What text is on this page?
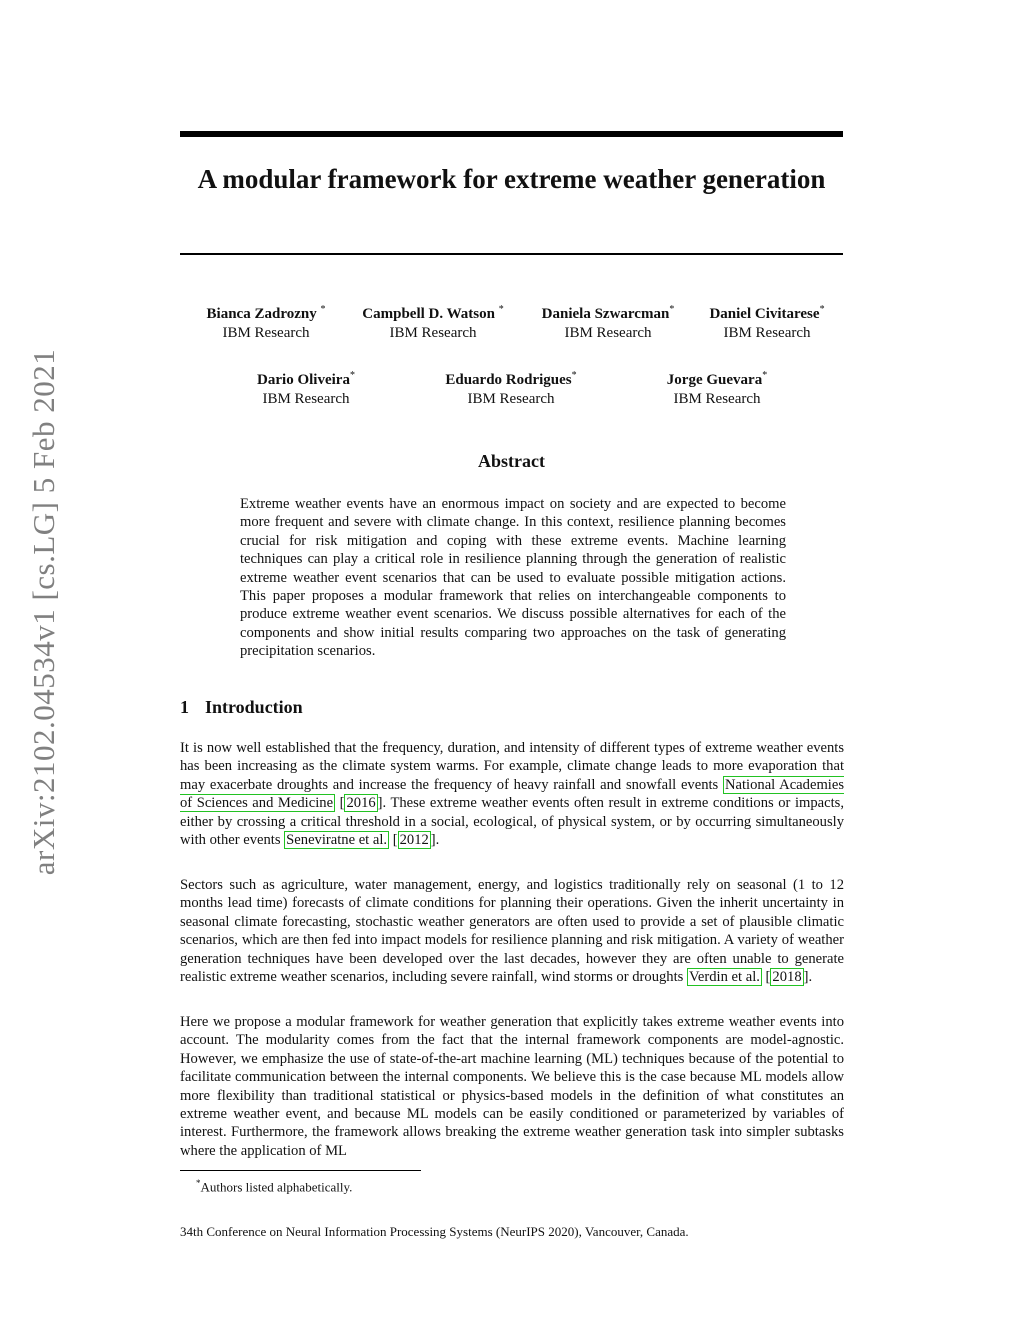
arXiv:2102.04534v1 [cs.LG] 5 Feb 2021
A modular framework for extreme weather generation
Bianca Zadrozny *
IBM Research
Campbell D. Watson *
IBM Research
Daniela Szwarcman*
IBM Research
Daniel Civitarese*
IBM Research
Dario Oliveira*
IBM Research
Eduardo Rodrigues*
IBM Research
Jorge Guevara*
IBM Research
Abstract

Extreme weather events have an enormous impact on society and are expected to become more frequent and severe with climate change. In this context, resilience planning becomes crucial for risk mitigation and coping with these extreme events. Machine learning techniques can play a critical role in resilience planning through the generation of realistic extreme weather event scenarios that can be used to evaluate possible mitigation actions. This paper proposes a modular framework that relies on interchangeable components to produce extreme weather event scenarios. We discuss possible alternatives for each of the components and show initial results comparing two approaches on the task of generating precipitation scenarios.

1 Introduction

It is now well established that the frequency, duration, and intensity of different types of extreme weather events has been increasing as the climate system warms. For example, climate change leads to more evaporation that may exacerbate droughts and increase the frequency of heavy rainfall and snowfall events National Academies of Sciences and Medicine [ 2016 ]. These extreme weather events often result in extreme conditions or impacts, either by crossing a critical threshold in a social, ecological, of physical system, or by occurring simultaneously with other events Seneviratne et al. [ 2012 ].

Sectors such as agriculture, water management, energy, and logistics traditionally rely on seasonal (1 to 12 months lead time) forecasts of climate conditions for planning their operations. Given the inherit uncertainty in seasonal climate forecasting, stochastic weather generators are often used to provide a set of plausible climatic scenarios, which are then fed into impact models for resilience planning and risk mitigation. A variety of weather generation techniques have been developed over the last decades, however they are often unable to generate realistic extreme weather scenarios, including severe rainfall, wind storms or droughts Verdin et al. [ 2018 ].

Here we propose a modular framework for weather generation that explicitly takes extreme weather events into account. The modularity comes from the fact that the internal framework components are model-agnostic. However, we emphasize the use of state-of-the-art machine learning (ML) techniques because of the potential to facilitate communication between the internal components. We believe this is the case because ML models allow more flexibility than traditional statistical or physics-based models in the definition of what constitutes an extreme weather event, and because ML models can be easily conditioned or parameterized by variables of interest. Furthermore, the framework allows breaking the extreme weather generation task into simpler subtasks where the application of ML

*Authors listed alphabetically.

34th Conference on Neural Information Processing Systems (NeurIPS 2020), Vancouver, Canada.
